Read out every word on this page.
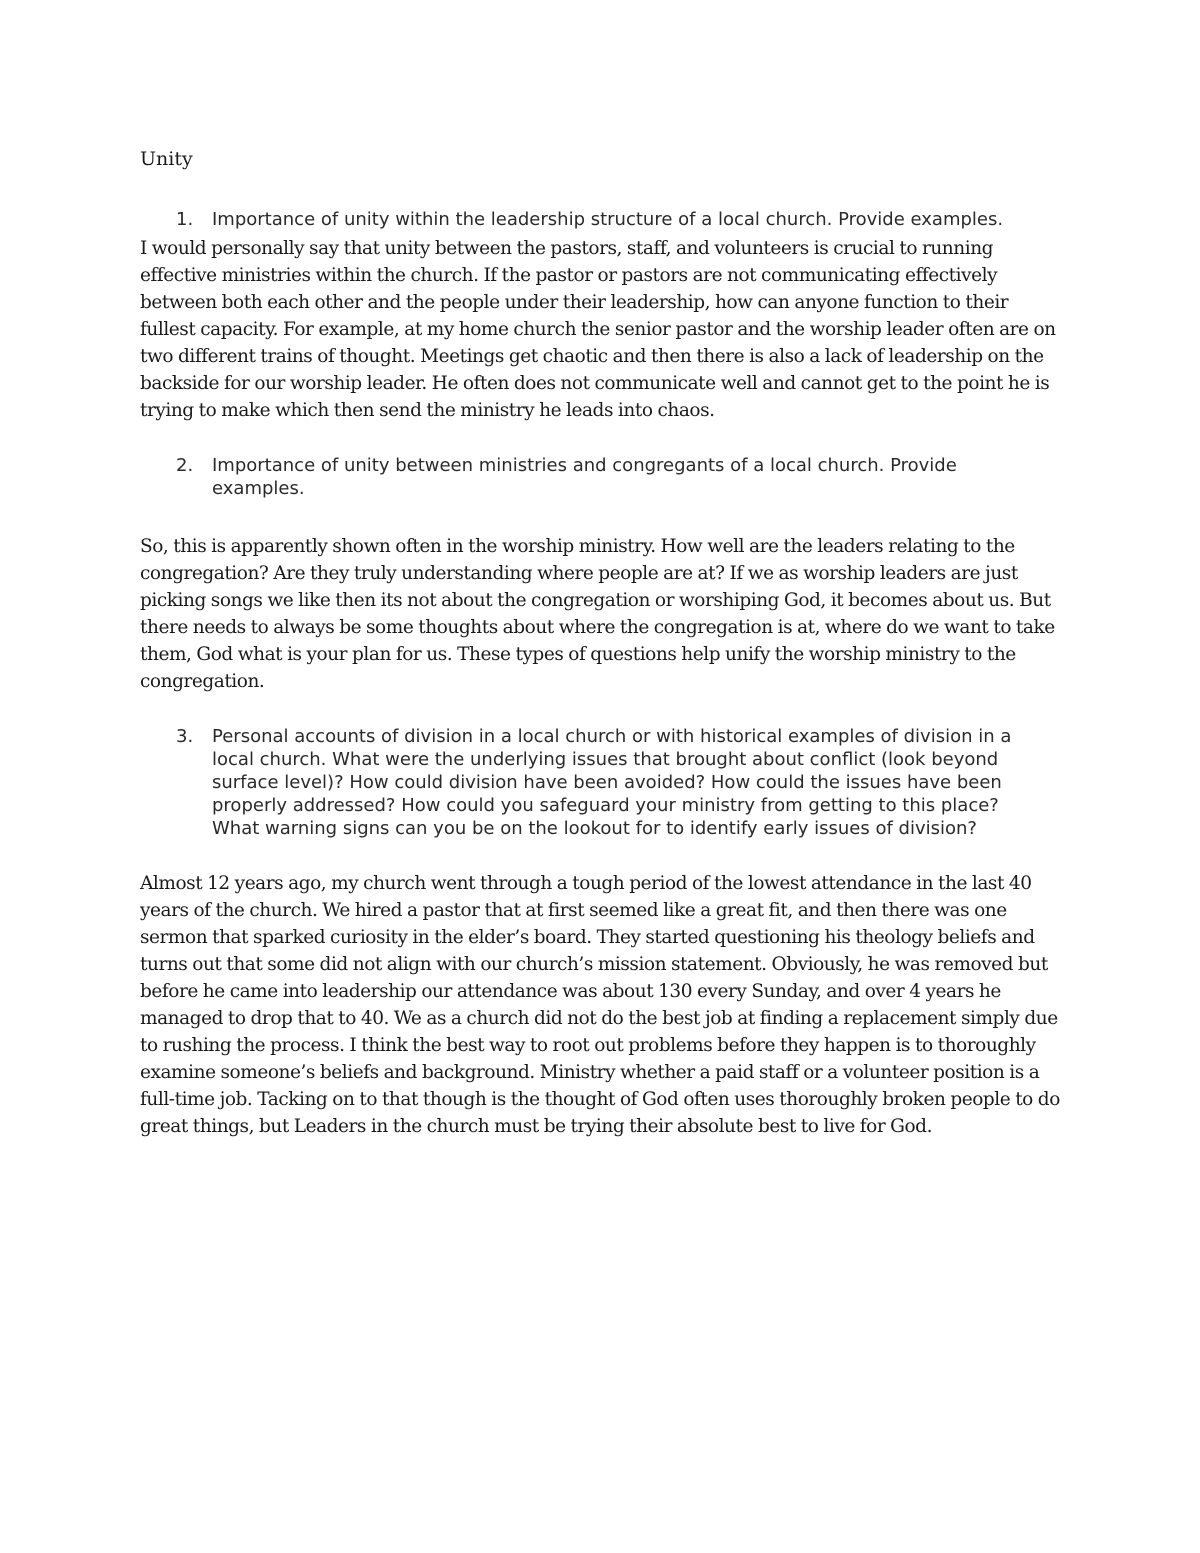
Unity
1.	Importance of unity within the leadership structure of a local church. Provide examples.

I would personally say that unity between the pastors, staff, and volunteers is crucial to running effective ministries within the church. If the pastor or pastors are not communicating effectively between both each other and the people under their leadership, how can anyone function to their fullest capacity. For example, at my home church the senior pastor and the worship leader often are on two different trains of thought. Meetings get chaotic and then there is also a lack of leadership on the backside for our worship leader. He often does not communicate well and cannot get to the point he is trying to make which then send the ministry he leads into chaos.

2.	Importance of unity between ministries and congregants of a local church. Provide examples.

So, this is apparently shown often in the worship ministry. How well are the leaders relating to the congregation? Are they truly understanding where people are at? If we as worship leaders are just picking songs we like then its not about the congregation or worshiping God, it becomes about us. But there needs to always be some thoughts about where the congregation is at, where do we want to take them, God what is your plan for us. These types of questions help unify the worship ministry to the congregation.

3.	Personal accounts of division in a local church or with historical examples of division in a local church. What were the underlying issues that brought about conflict (look beyond surface level)? How could division have been avoided? How could the issues have been properly addressed? How could you safeguard your ministry from getting to this place? What warning signs can you be on the lookout for to identify early issues of division?

Almost 12 years ago, my church went through a tough period of the lowest attendance in the last 40 years of the church. We hired a pastor that at first seemed like a great fit, and then there was one sermon that sparked curiosity in the elder’s board. They started questioning his theology beliefs and turns out that some did not align with our church’s mission statement. Obviously, he was removed but before he came into leadership our attendance was about 130 every Sunday, and over 4 years he managed to drop that to 40. We as a church did not do the best job at finding a replacement simply due to rushing the process. I think the best way to root out problems before they happen is to thoroughly examine someone’s beliefs and background. Ministry whether a paid staff or a volunteer position is a full-time job. Tacking on to that though is the thought of God often uses thoroughly broken people to do great things, but Leaders in the church must be trying their absolute best to live for God.
